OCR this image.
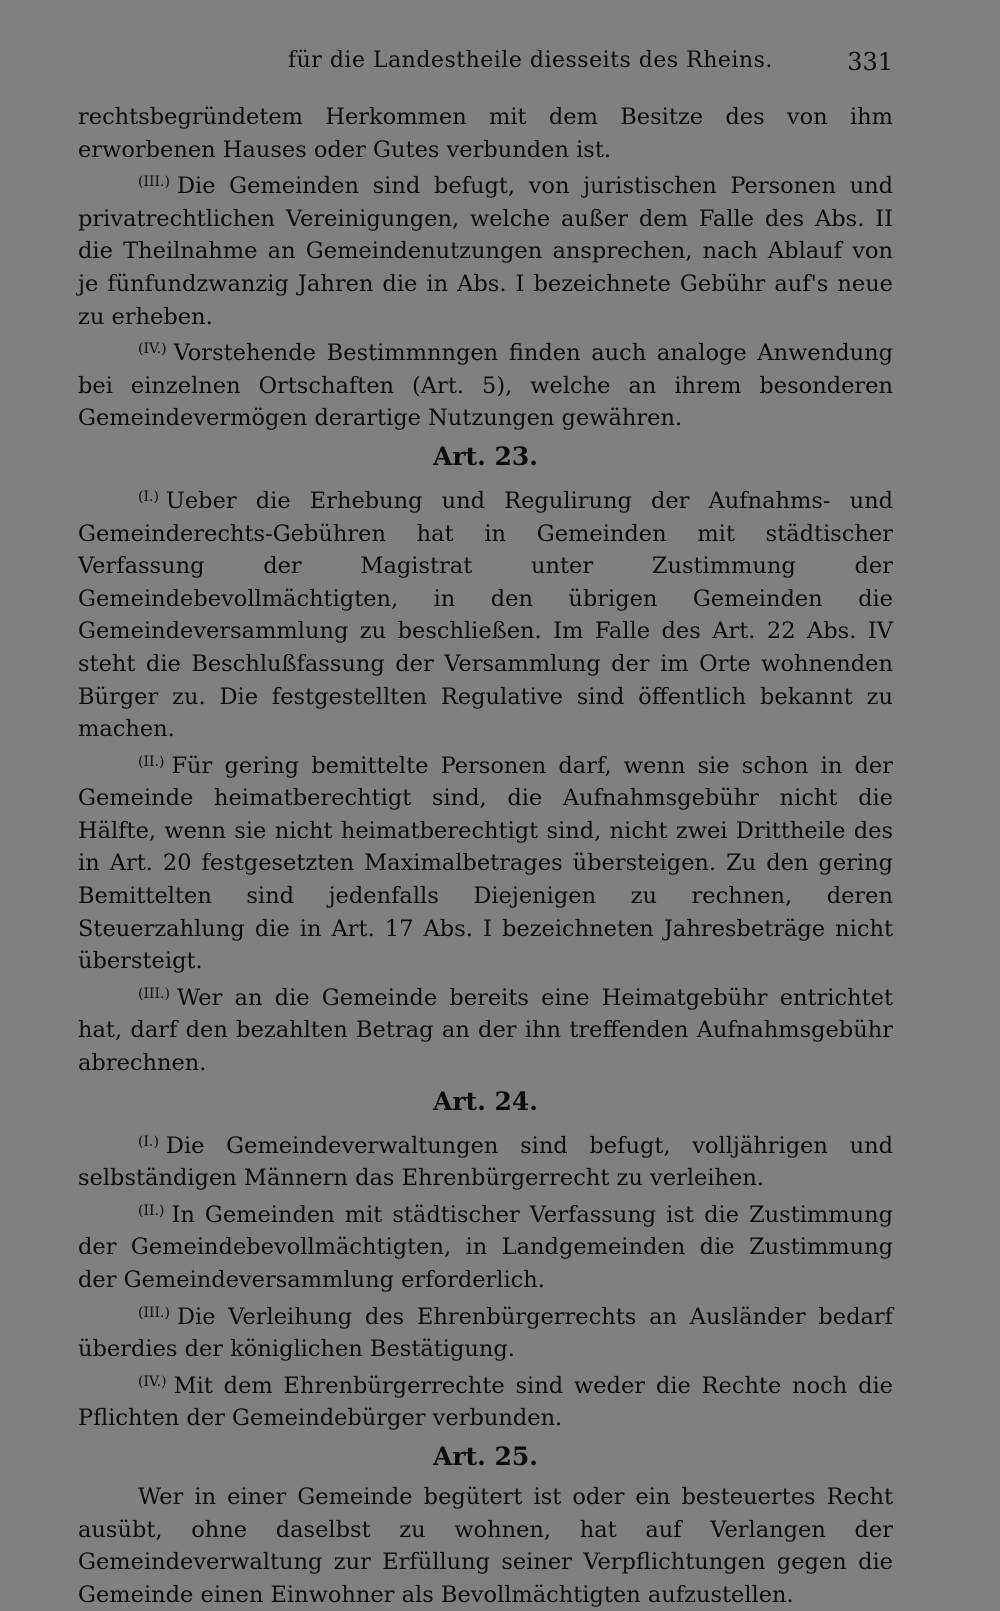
für die Landestheile diesseits des Rheins.	331

rechtsbegründetem Herkommen mit dem Besitze des von ihm erworbenen Hauses oder Gutes verbunden ist.

$^{(III.)}$ Die Gemeinden sind befugt, von juristischen Personen und privatrechtlichen Vereinigungen, welche außer dem Falle des Abs. II die Theilnahme an Gemeindenutzungen ansprechen, nach Ablauf von je fünfundzwanzig Jahren die in Abs. I bezeichnete Gebühr auf's neue zu erheben.

$^{(IV.)}$ Vorstehende Bestimmnngen finden auch analoge Anwendung bei einzelnen Ortschaften (Art. 5), welche an ihrem besonderen Gemeindevermögen derartige Nutzungen gewähren.

Art. 23.

$^{(I.)}$ Ueber die Erhebung und Regulirung der Aufnahms- und Gemeinderechts-Gebühren hat in Gemeinden mit städtischer Verfassung der Magistrat unter Zustimmung der Gemeindebevollmächtigten, in den übrigen Gemeinden die Gemeindeversammlung zu beschließen. Im Falle des Art. 22 Abs. IV steht die Beschlußfassung der Versammlung der im Orte wohnenden Bürger zu. Die festgestellten Regulative sind öffentlich bekannt zu machen.

$^{(II.)}$ Für gering bemittelte Personen darf, wenn sie schon in der Gemeinde heimatberechtigt sind, die Aufnahmsgebühr nicht die Hälfte, wenn sie nicht heimatberechtigt sind, nicht zwei Drittheile des in Art. 20 festgesetzten Maximalbetrages übersteigen. Zu den gering Bemittelten sind jedenfalls Diejenigen zu rechnen, deren Steuerzahlung die in Art. 17 Abs. I bezeichneten Jahresbeträge nicht übersteigt.

$^{(III.)}$ Wer an die Gemeinde bereits eine Heimatgebühr entrichtet hat, darf den bezahlten Betrag an der ihn treffenden Aufnahmsgebühr abrechnen.

Art. 24.

$^{(I.)}$ Die Gemeindeverwaltungen sind befugt, volljährigen und selbständigen Männern das Ehrenbürgerrecht zu verleihen.

$^{(II.)}$ In Gemeinden mit städtischer Verfassung ist die Zustimmung der Gemeindebevollmächtigten, in Landgemeinden die Zustimmung der Gemeindeversammlung erforderlich.

$^{(III.)}$ Die Verleihung des Ehrenbürgerrechts an Ausländer bedarf überdies der königlichen Bestätigung.

$^{(IV.)}$ Mit dem Ehrenbürgerrechte sind weder die Rechte noch die Pflichten der Gemeindebürger verbunden.

Art. 25.

Wer in einer Gemeinde begütert ist oder ein besteuertes Recht ausübt, ohne daselbst zu wohnen, hat auf Verlangen der Gemeindeverwaltung zur Erfüllung seiner Verpflichtungen gegen die Gemeinde einen Einwohner als Bevollmächtigten aufzustellen.
